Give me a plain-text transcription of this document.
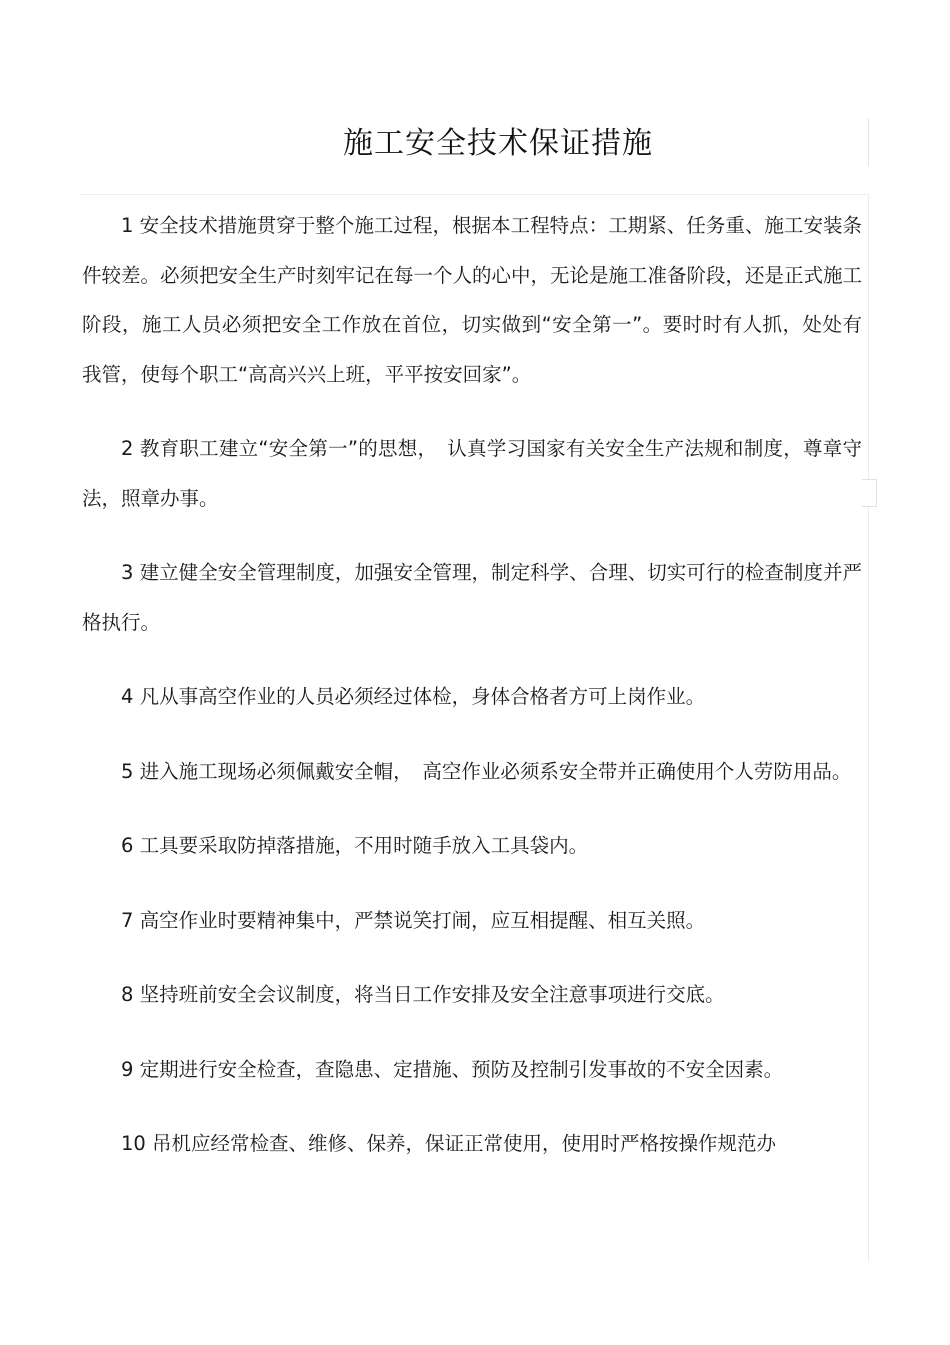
施工安全技术保证措施

1 安全技术措施贯穿于整个施工过程，根据本工程特点：工期紧、任务重、施工安装条件较差。必须把安全生产时刻牢记在每一个人的心中，无论是施工准备阶段，还是正式施工阶段，施工人员必须把安全工作放在首位，切实做到“安全第一”。要时时有人抓，处处有我管，使每个职工“高高兴兴上班，平平按安回家”。

2 教育职工建立“安全第一”的思想，　认真学习国家有关安全生产法规和制度，尊章守法，照章办事。

3 建立健全安全管理制度，加强安全管理，制定科学、合理、切实可行的检查制度并严格执行。

4 凡从事高空作业的人员必须经过体检，身体合格者方可上岗作业。

5 进入施工现场必须佩戴安全帽，　高空作业必须系安全带并正确使用个人劳防用品。

6 工具要采取防掉落措施，不用时随手放入工具袋内。

7 高空作业时要精神集中，严禁说笑打闹，应互相提醒、相互关照。

8 坚持班前安全会议制度，将当日工作安排及安全注意事项进行交底。

9 定期进行安全检查，查隐患、定措施、预防及控制引发事故的不安全因素。

10 吊机应经常检查、维修、保养，保证正常使用，使用时严格按操作规范办
